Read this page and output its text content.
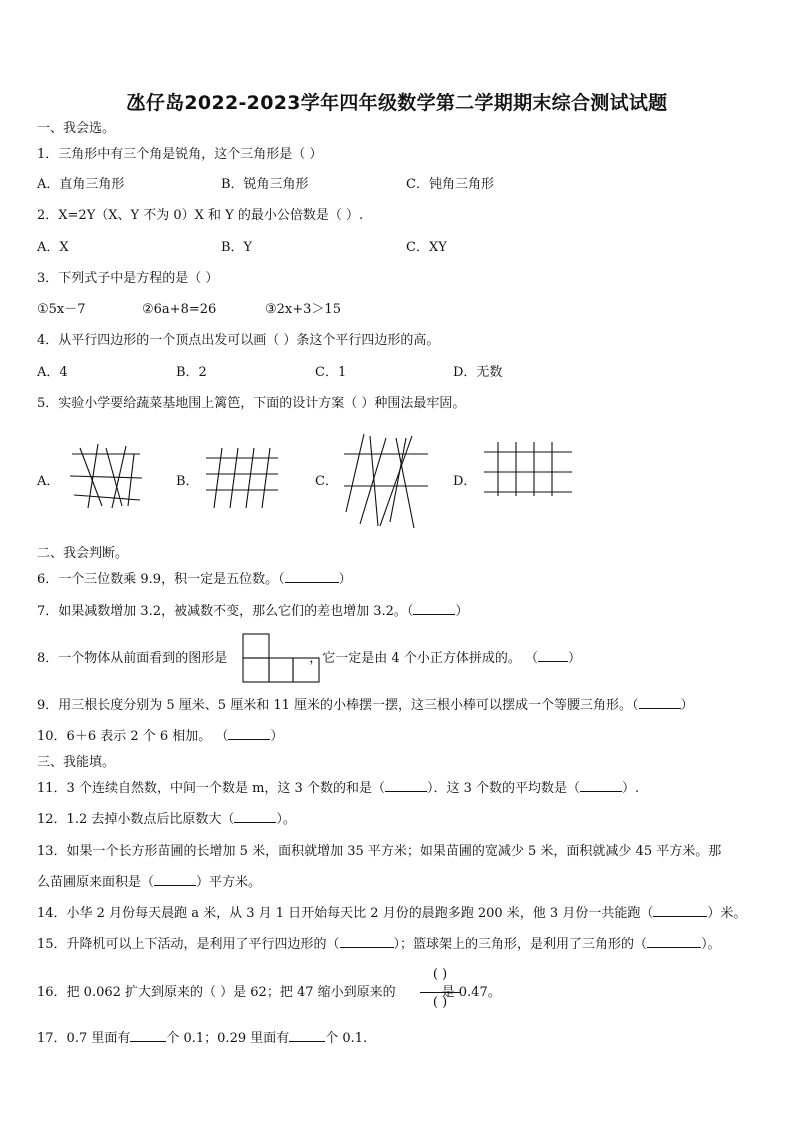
氹仔岛2022-2023学年四年级数学第二学期期末综合测试试题
一、我会选。
1．三角形中有三个角是锐角，这个三角形是（ ）
A．直角三角形	B．锐角三角形	C．钝角三角形
2．X=2Y（X、Y 不为 0）X 和 Y 的最小公倍数是（ ）.
A．X	B．Y	C．XY
3．下列式子中是方程的是（ ）
①5x－7	②6a+8=26	③2x+3＞15
4．从平行四边形的一个顶点出发可以画（ ）条这个平行四边形的高。
A．4	B．2	C．1	D．无数
5．实验小学要给蔬菜基地围上篱笆，下面的设计方案（ ）种围法最牢固。
A．	B．	C．	D．
二、我会判断。
6．一个三位数乘 9.9，积一定是五位数。（	）
7．如果减数增加 3.2，被减数不变，那么它们的差也增加 3.2。（	）
8．一个物体从前面看到的图形是	，它一定是由 4 个小正方体拼成的。 （ ）
9．用三根长度分别为 5 厘米、5 厘米和 11 厘米的小棒摆一摆，这三根小棒可以摆成一个等腰三角形。（	）
10．6＋6 表示 2 个 6 相加。 （	）
三、我能填。
11．3 个连续自然数，中间一个数是 m，这 3 个数的和是（	）．这 3 个数的平均数是（	）.
12．1.2 去掉小数点后比原数大（	）。
13．如果一个长方形苗圃的长增加 5 米，面积就增加 35 平方米；如果苗圃的宽减少 5 米，面积就减少 45 平方米。那
么苗圃原来面积是（	）平方米。
14．小华 2 月份每天晨跑 a 米，从 3 月 1 日开始每天比 2 月份的晨跑多跑 200 米，他 3 月份一共能跑（	）米。
15．升降机可以上下活动，是利用了平行四边形的（	）；篮球架上的三角形，是利用了三角形的（	）。
16．把 0.062 扩大到原来的（ ）是 62；把 47 缩小到原来的	是 0.47。
( )
( )
17．0.7 里面有	个 0.1；0.29 里面有	个 0.1.
